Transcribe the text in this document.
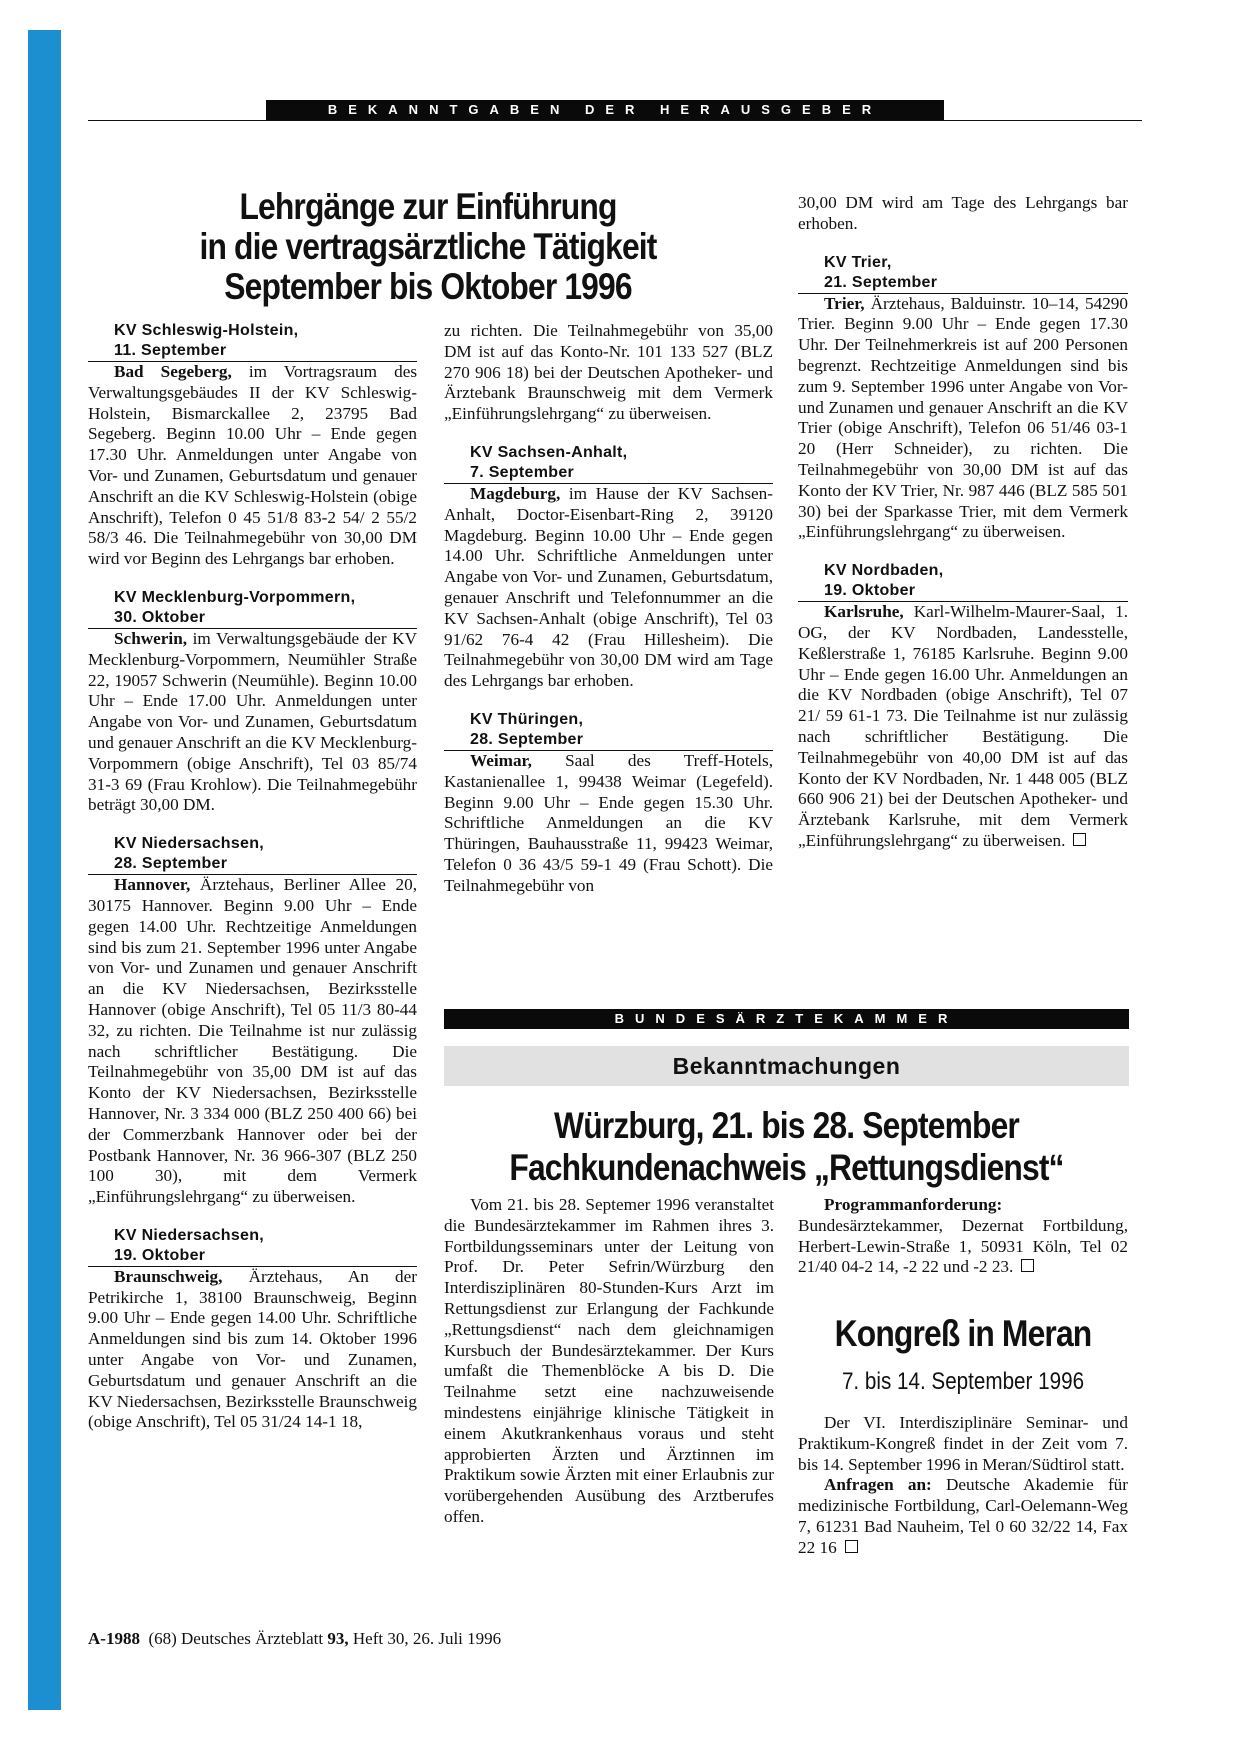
BEKANNTGABEN DER HERAUSGEBER
Lehrgänge zur Einführung
in die vertragsärztliche Tätigkeit
September bis Oktober 1996
KV Schleswig-Holstein,
11. September

Bad Segeberg, im Vortragsraum des Verwaltungsgebäudes II der KV Schleswig-Holstein, Bismarckallee 2, 23795 Bad Segeberg. Beginn 10.00 Uhr – Ende gegen 17.30 Uhr. Anmeldungen unter Angabe von Vor- und Zunamen, Geburtsdatum und genauer Anschrift an die KV Schleswig-Holstein (obige Anschrift), Telefon 0 45 51/8 83-2 54/ 2 55/2 58/3 46. Die Teilnahmegebühr von 30,00 DM wird vor Beginn des Lehrgangs bar erhoben.

KV Mecklenburg-Vorpommern,
30. Oktober

Schwerin, im Verwaltungsgebäude der KV Mecklenburg-Vorpommern, Neumühler Straße 22, 19057 Schwerin (Neumühle). Beginn 10.00 Uhr – Ende 17.00 Uhr. Anmeldungen unter Angabe von Vor- und Zunamen, Geburtsdatum und genauer Anschrift an die KV Mecklenburg-Vorpommern (obige Anschrift), Tel 03 85/74 31-3 69 (Frau Krohlow). Die Teilnahmegebühr beträgt 30,00 DM.

KV Niedersachsen,
28. September

Hannover, Ärztehaus, Berliner Allee 20, 30175 Hannover. Beginn 9.00 Uhr – Ende gegen 14.00 Uhr. Rechtzeitige Anmeldungen sind bis zum 21. September 1996 unter Angabe von Vor- und Zunamen und genauer Anschrift an die KV Niedersachsen, Bezirksstelle Hannover (obige Anschrift), Tel 05 11/3 80-44 32, zu richten. Die Teilnahme ist nur zulässig nach schriftlicher Bestätigung. Die Teilnahmegebühr von 35,00 DM ist auf das Konto der KV Niedersachsen, Bezirksstelle Hannover, Nr. 3 334 000 (BLZ 250 400 66) bei der Commerzbank Hannover oder bei der Postbank Hannover, Nr. 36 966-307 (BLZ 250 100 30), mit dem Vermerk „Einführungslehrgang“ zu überweisen.

KV Niedersachsen,
19. Oktober

Braunschweig, Ärztehaus, An der Petrikirche 1, 38100 Braunschweig, Beginn 9.00 Uhr – Ende gegen 14.00 Uhr. Schriftliche Anmeldungen sind bis zum 14. Oktober 1996 unter Angabe von Vor- und Zunamen, Geburtsdatum und genauer Anschrift an die KV Niedersachsen, Bezirksstelle Braunschweig (obige Anschrift), Tel 05 31/24 14-1 18,

zu richten. Die Teilnahmegebühr von 35,00 DM ist auf das Konto-Nr. 101 133 527 (BLZ 270 906 18) bei der Deutschen Apotheker- und Ärztebank Braunschweig mit dem Vermerk „Einführungslehrgang“ zu überweisen.

KV Sachsen-Anhalt,
7. September

Magdeburg, im Hause der KV Sachsen-Anhalt, Doctor-Eisenbart-Ring 2, 39120 Magdeburg. Beginn 10.00 Uhr – Ende gegen 14.00 Uhr. Schriftliche Anmeldungen unter Angabe von Vor- und Zunamen, Geburtsdatum, genauer Anschrift und Telefonnummer an die KV Sachsen-Anhalt (obige Anschrift), Tel 03 91/62 76-4 42 (Frau Hillesheim). Die Teilnahmegebühr von 30,00 DM wird am Tage des Lehrgangs bar erhoben.

KV Thüringen,
28. September

Weimar, Saal des Treff-Hotels, Kastanienallee 1, 99438 Weimar (Legefeld). Beginn 9.00 Uhr – Ende gegen 15.30 Uhr. Schriftliche Anmeldungen an die KV Thüringen, Bauhausstraße 11, 99423 Weimar, Telefon 0 36 43/5 59-1 49 (Frau Schott). Die Teilnahmegebühr von

30,00 DM wird am Tage des Lehrgangs bar erhoben.

KV Trier,
21. September

Trier, Ärztehaus, Balduinstr. 10–14, 54290 Trier. Beginn 9.00 Uhr – Ende gegen 17.30 Uhr. Der Teilnehmerkreis ist auf 200 Personen begrenzt. Rechtzeitige Anmeldungen sind bis zum 9. September 1996 unter Angabe von Vor- und Zunamen und genauer Anschrift an die KV Trier (obige Anschrift), Telefon 06 51/46 03-1 20 (Herr Schneider), zu richten. Die Teilnahmegebühr von 30,00 DM ist auf das Konto der KV Trier, Nr. 987 446 (BLZ 585 501 30) bei der Sparkasse Trier, mit dem Vermerk „Einführungslehrgang“ zu überweisen.

KV Nordbaden,
19. Oktober

Karlsruhe, Karl-Wilhelm-Maurer-Saal, 1. OG, der KV Nordbaden, Landesstelle, Keßlerstraße 1, 76185 Karlsruhe. Beginn 9.00 Uhr – Ende gegen 16.00 Uhr. Anmeldungen an die KV Nordbaden (obige Anschrift), Tel 07 21/ 59 61-1 73. Die Teilnahme ist nur zulässig nach schriftlicher Bestätigung. Die Teilnahmegebühr von 40,00 DM ist auf das Konto der KV Nordbaden, Nr. 1 448 005 (BLZ 660 906 21) bei der Deutschen Apotheker- und Ärztebank Karlsruhe, mit dem Vermerk „Einführungslehrgang“ zu überweisen.

BUNDESÄRZTEKAMMER
Bekanntmachungen
Würzburg, 21. bis 28. September
Fachkundenachweis „Rettungsdienst“

Vom 21. bis 28. Septemer 1996 veranstaltet die Bundesärztekammer im Rahmen ihres 3. Fortbildungsseminars unter der Leitung von Prof. Dr. Peter Sefrin/Würzburg den Interdisziplinären 80-Stunden-Kurs Arzt im Rettungsdienst zur Erlangung der Fachkunde „Rettungsdienst“ nach dem gleichnamigen Kursbuch der Bundesärztekammer. Der Kurs umfaßt die Themenblöcke A bis D. Die Teilnahme setzt eine nachzuweisende mindestens einjährige klinische Tätigkeit in einem Akutkrankenhaus voraus und steht approbierten Ärzten und Ärztinnen im Praktikum sowie Ärzten mit einer Erlaubnis zur vorübergehenden Ausübung des Arztberufes offen.

Programmanforderung: Bundesärztekammer, Dezernat Fortbildung, Herbert-Lewin-Straße 1, 50931 Köln, Tel 02 21/40 04-2 14, -2 22 und -2 23.

Kongreß in Meran
7. bis 14. September 1996

Der VI. Interdisziplinäre Seminar- und Praktikum-Kongreß findet in der Zeit vom 7. bis 14. September 1996 in Meran/Südtirol statt.

Anfragen an: Deutsche Akademie für medizinische Fortbildung, Carl-Oelemann-Weg 7, 61231 Bad Nauheim, Tel 0 60 32/22 14, Fax 22 16

A-1988 (68) Deutsches Ärzteblatt 93, Heft 30, 26. Juli 1996
